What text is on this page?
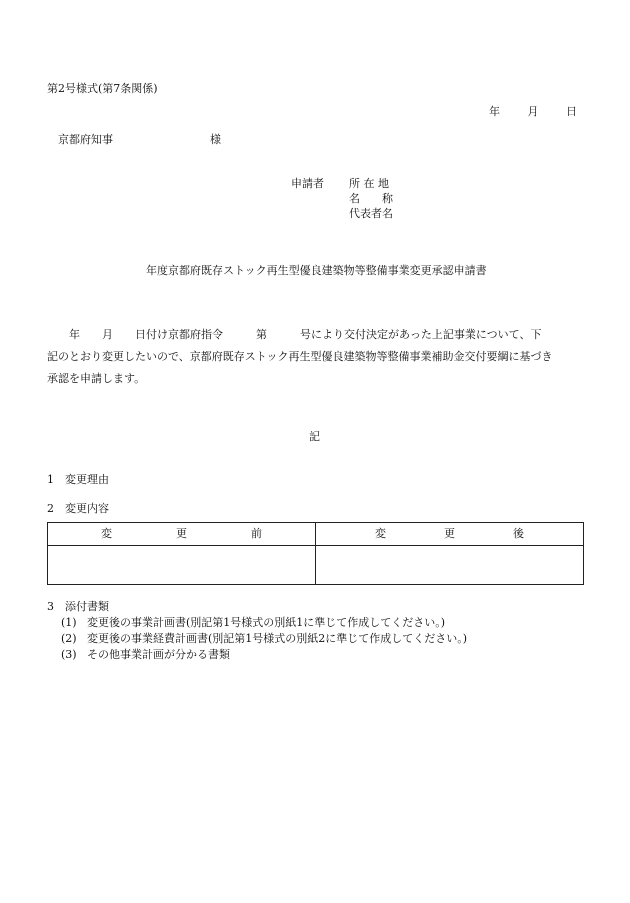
第2号様式(第7条関係)
年	月	日
京都府知事	様
申請者 所 在 地
名　　称
代表者名
年度京都府既存ストック再生型優良建築物等整備事業変更承認申請書
　　年　　月　　日付け京都府指令　　　第　　　号により交付決定があった上記事業について、下
記のとおり変更したいので、京都府既存ストック再生型優良建築物等整備事業補助金交付要綱に基づき
承認を申請します。
記
1　変更理由
2　変更内容
変 更 前	変 更 後

3　添付書類
(1) 変更後の事業計画書(別記第1号様式の別紙1に準じて作成してください。)
(2) 変更後の事業経費計画書(別記第1号様式の別紙2に準じて作成してください。)
(3) その他事業計画が分かる書類
